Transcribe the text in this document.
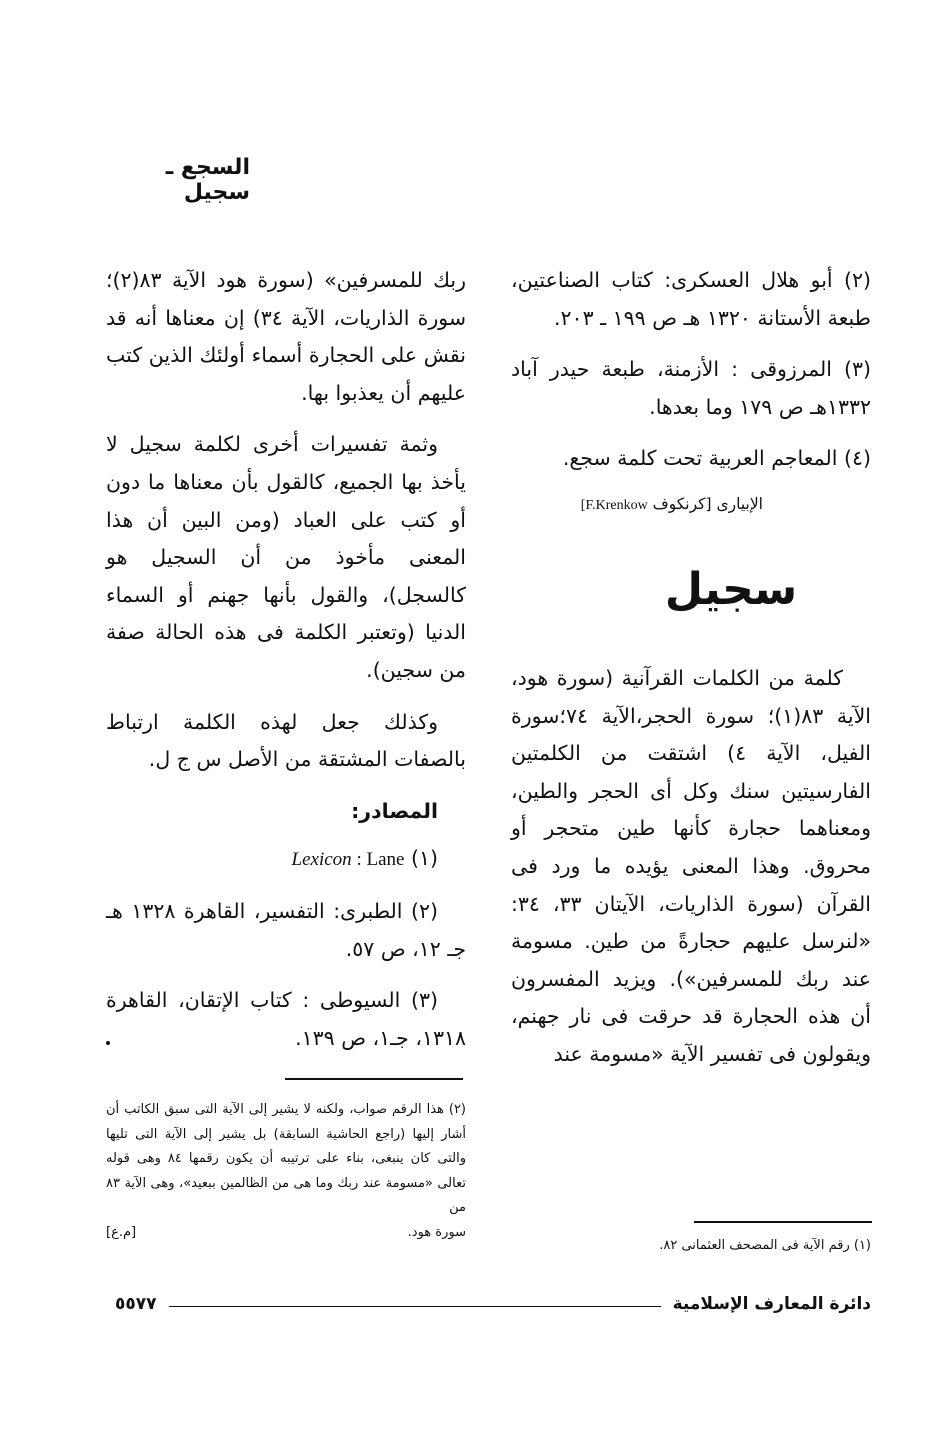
السجع ـ سجيل

(٢) أبو هلال العسكرى: كتاب الصناعتين، طبعة الأستانة ١٣٢٠ هـ ص ١٩٩ ـ ٢٠٣.

(٣) المرزوقى : الأزمنة، طبعة حيدر آباد ١٣٣٢هـ ص ١٧٩ وما بعدها.

(٤) المعاجم العربية تحت كلمة سجع.

الإبيارى [كرنكوف F.Krenkow]
سجيل

كلمة من الكلمات القرآنية (سورة هود، الآية ٨٣(١)؛ سورة الحجر،الآية ٧٤؛سورة الفيل، الآية ٤) اشتقت من الكلمتين الفارسيتين سنك وكل أى الحجر والطين، ومعناهما حجارة كأنها طين متحجر أو محروق. وهذا المعنى يؤيده ما ورد فى القرآن (سورة الذاريات، الآيتان ٣٣، ٣٤: «لنرسل عليهم حجارةً من طين. مسومة عند ربك للمسرفين»). ويزيد المفسرون أن هذه الحجارة قد حرقت فى نار جهنم، ويقولون فى تفسير الآية «مسومة عند

ربك للمسرفين» (سورة هود الآية ٨٣(٢)؛ سورة الذاريات، الآية ٣٤) إن معناها أنه قد نقش على الحجارة أسماء أولئك الذين كتب عليهم أن يعذبوا بها.

وثمة تفسيرات أخرى لكلمة سجيل لا يأخذ بها الجميع، كالقول بأن معناها ما دون أو كتب على العباد (ومن البين أن هذا المعنى مأخوذ من أن السجيل هو كالسجل)، والقول بأنها جهنم أو السماء الدنيا (وتعتبر الكلمة فى هذه الحالة صفة من سجين).

وكذلك جعل لهذه الكلمة ارتباط بالصفات المشتقة من الأصل س ج ل.

المصادر:

(١) Lexicon : Lane

(٢) الطبرى: التفسير، القاهرة ١٣٢٨ هـ جـ ١٢، ص ٥٧.

(٣) السيوطى : كتاب الإتقان، القاهرة ١٣١٨، جـ١، ص ١٣٩.

(٢) هذا الرقم صواب، ولكنه لا يشير إلى الآية التى سبق الكاتب أن أشار إليها (راجع الحاشية السابقة) بل يشير إلى الآية التى تليها والتى كان ينبغى، بناء على ترتيبه أن يكون رقمها ٨٤ وهى قوله تعالى «مسومة عند ربك وما هى من الظالمين ببعيد»، وهى الآية ٨٣ من
سورة هود.
[م.ع]
(١) رقم الآية فى المصحف العثمانى ٨٢.
دائرة المعارف الإسلامية
٥٥٧٧
